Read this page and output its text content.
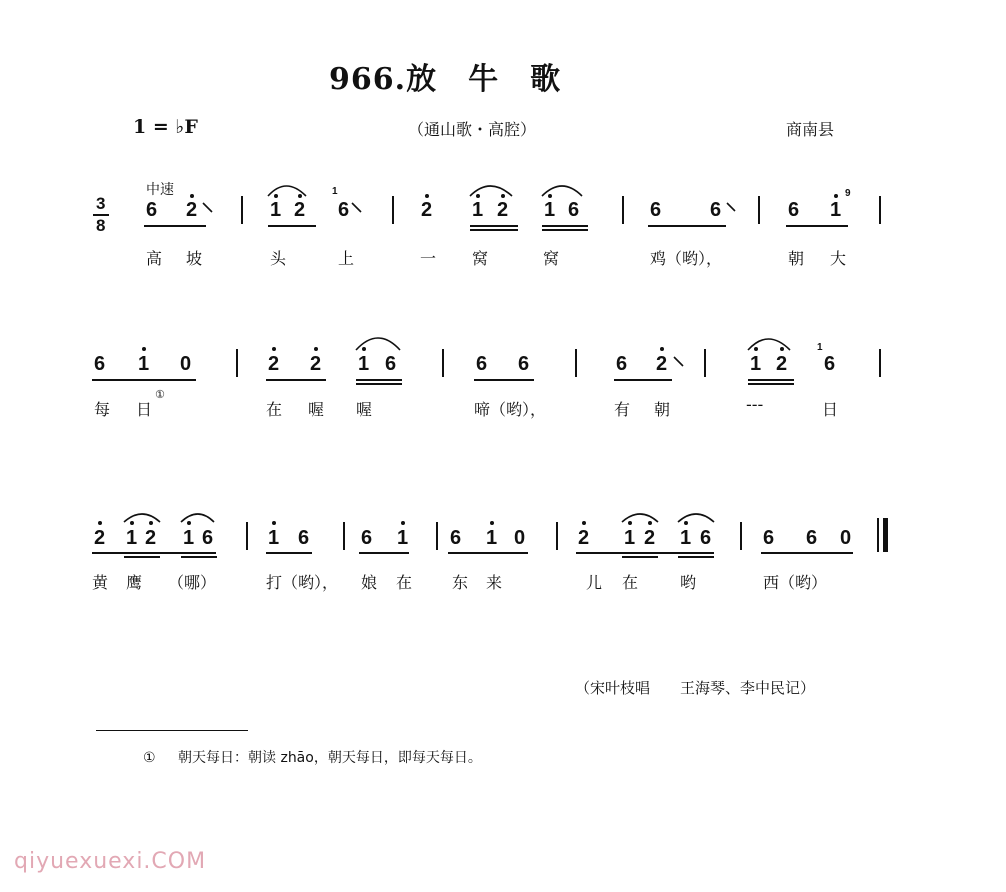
966.放　牛　歌
1 = ♭F	（通山歌・高腔）	商南县
中速
3
8
6 2	1 2 6	2 1 2 1 6	6 6	6 1
高 坡	头	上	一 窝	窝	鸡（哟），	朝 大
6 1 0	2 2 1 6	6 6	6 2	1 2 6
每 日
①
在 喔 喔	啼（哟），	有 朝	---	日
2 1 2 1 6	1 6	6 1 6 1 0	2 1 2 1 6	6 6 0
黄 鹰 （哪）	打（哟）， 娘 在 东 来	儿 在	哟	西（哟）
1	9
1
（宋叶枝唱　　王海琴、李中民记）
① 朝天每日：朝读 zhāo，朝天每日，即每天每日。
qiyuexuexi.COM
